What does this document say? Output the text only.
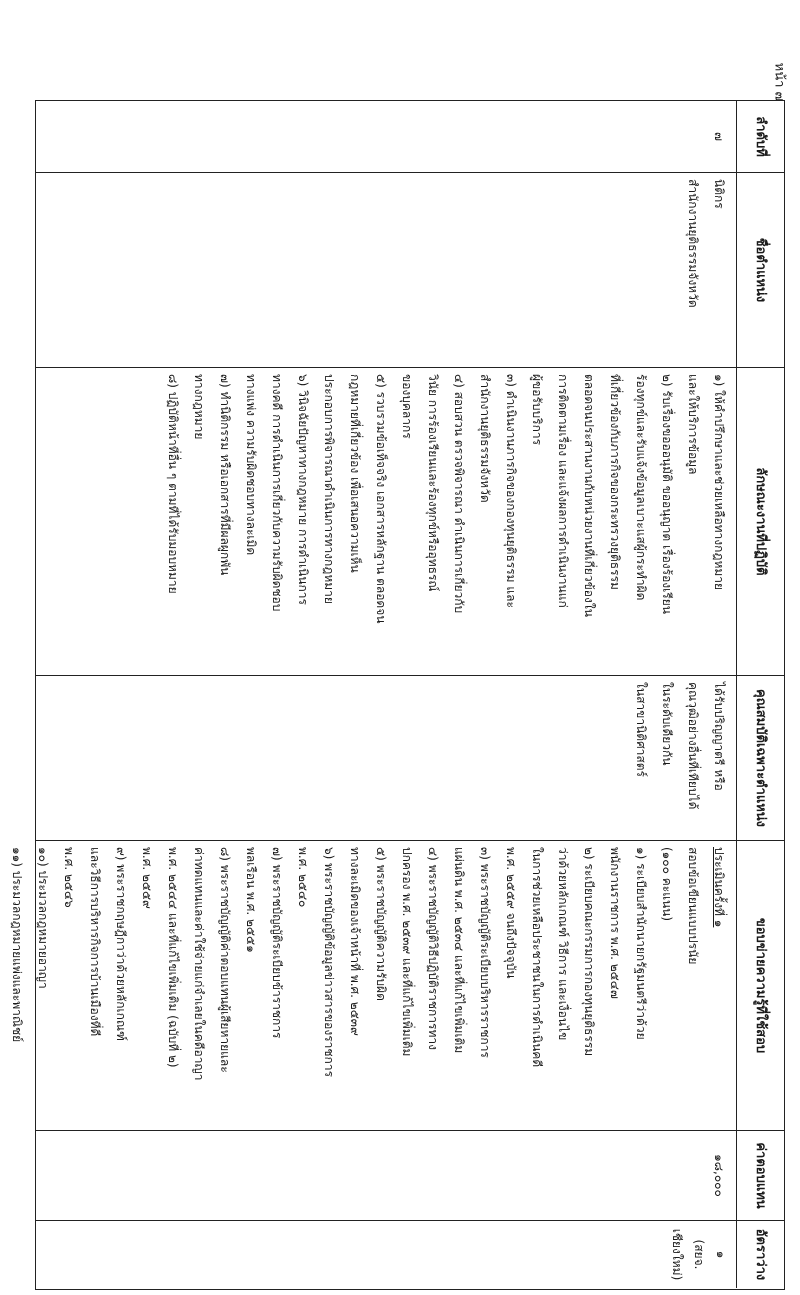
หน้า ๗
ลำดับที่
ชื่อตำแหน่ง
ลักษณะงานที่ปฏิบัติ
คุณสมบัติเฉพาะตำแหน่ง
ขอบข่ายความรู้ที่ใช้สอบ
ค่าตอบแทน
อัตราว่าง
๗
นิติกร
สำนักงานยุติธรรมจังหวัด
๑) ให้คำปรึกษาและช่วยเหลือทางกฎหมาย
และให้บริการข้อมูล
๒) รับเรื่องขอออนุมัติ ขออนุญาต เรื่องร้องเรียน
ร้องทุกข์และรับแจ้งข้อมูลเบาะแสผู้กระทำผิด
ที่เกี่ยวข้องกับภารกิจของกระทรวงยุติธรรม
ตลอดจนประสานงานกับหน่วยงานที่เกี่ยวข้องใน
การติดตามเรื่อง และแจ้งผลการดำเนินงานแก่
ผู้ขอรับบริการ
๓) ดำเนินงานภารกิจของกองทุนยุติธรรม และ
สำนักงานยุติธรรมจังหวัด
๔) สอบสวน ตรวจพิจารณา ดำเนินการเกี่ยวกับ
วินัย การร้องเรียนและร้องทุกข์หรืออุทธรณ์
ของบุคลากร
๕) รวบรวมข้อเท็จจริง เอกสารหลักฐาน ตลอดจน
กฎหมายที่เกี่ยวข้อง เพื่อเสนอความเห็น
ประกอบการพิจารณาดำเนินการทางกฎหมาย
๖) วินิจฉัยปัญหาทางกฎหมาย การดำเนินการ
ทางคดี การดำเนินการเกี่ยวกับความรับผิดชอบ
ทางแพ่ง ความรับผิดชอบทางละเมิด
๗) ทำนิติกรรม หรือเอกสารที่มีผลผูกพัน
ทางกฎหมาย
๘) ปฏิบัติหน้าที่อื่น ๆ ตามที่ได้รับมอบหมาย
ได้รับปริญญาตรี หรือ
คุณวุฒิอย่างอื่นที่เทียบได้
ในระดับเดียวกัน
ในสาขานิติศาสตร์
ประเมินครั้งที่ ๑
สอบข้อเขียนแบบปรนัย
(๑๐๐ คะแนน)
๑) ระเบียบสำนักนายกรัฐมนตรีว่าด้วย
พนักงานราชการ พ.ศ. ๒๕๔๗
๒) ระเบียบคณะกรรมการกองทุนยุติธรรม
ว่าด้วยหลักเกณฑ์ วิธีการ และเงื่อนไข
ในการช่วยเหลือประชาชนในการดำเนินคดี
พ.ศ. ๒๕๕๙ จนถึงปัจจุบัน
๓) พระราชบัญญัติระเบียบบริหารราชการ
แผ่นดิน พ.ศ. ๒๕๓๔ และที่แก้ไขเพิ่มเติม
๔) พระราชบัญญัติวิธีปฏิบัติราชการทาง
ปกครอง พ.ศ. ๒๕๓๙ และที่แก้ไขเพิ่มเติม
๕) พระราชบัญญัติความรับผิด
ทางละเมิดของเจ้าหน้าที่ พ.ศ. ๒๕๓๙
๖) พระราชบัญญัติข้อมูลข่าวสารของราชการ
พ.ศ. ๒๕๔๐
๗) พระราชบัญญัติระเบียบข้าราชการ
พลเรือน พ.ศ. ๒๕๕๑
๘) พระราชบัญญัติค่าตอบแทนผู้เสียหายและ
ค่าทดแทนและค่าใช้จ่ายแก่จำเลยในคดีอาญา
พ.ศ. ๒๕๔๔ และที่แก้ไขเพิ่มเติม (ฉบับที่ ๒)
พ.ศ. ๒๕๕๙
๙) พระราชกฤษฎีกาว่าด้วยหลักเกณฑ์
และวิธีการบริหารกิจการบ้านเมืองที่ดี
พ.ศ. ๒๕๔๖
๑๐) ประมวลกฎหมายอาญา
๑๑) ประมวลกฎหมายแพ่งและพาณิชย์
๑๘,๐๐๐
๑
(สยจ.
เชียงใหม่)
